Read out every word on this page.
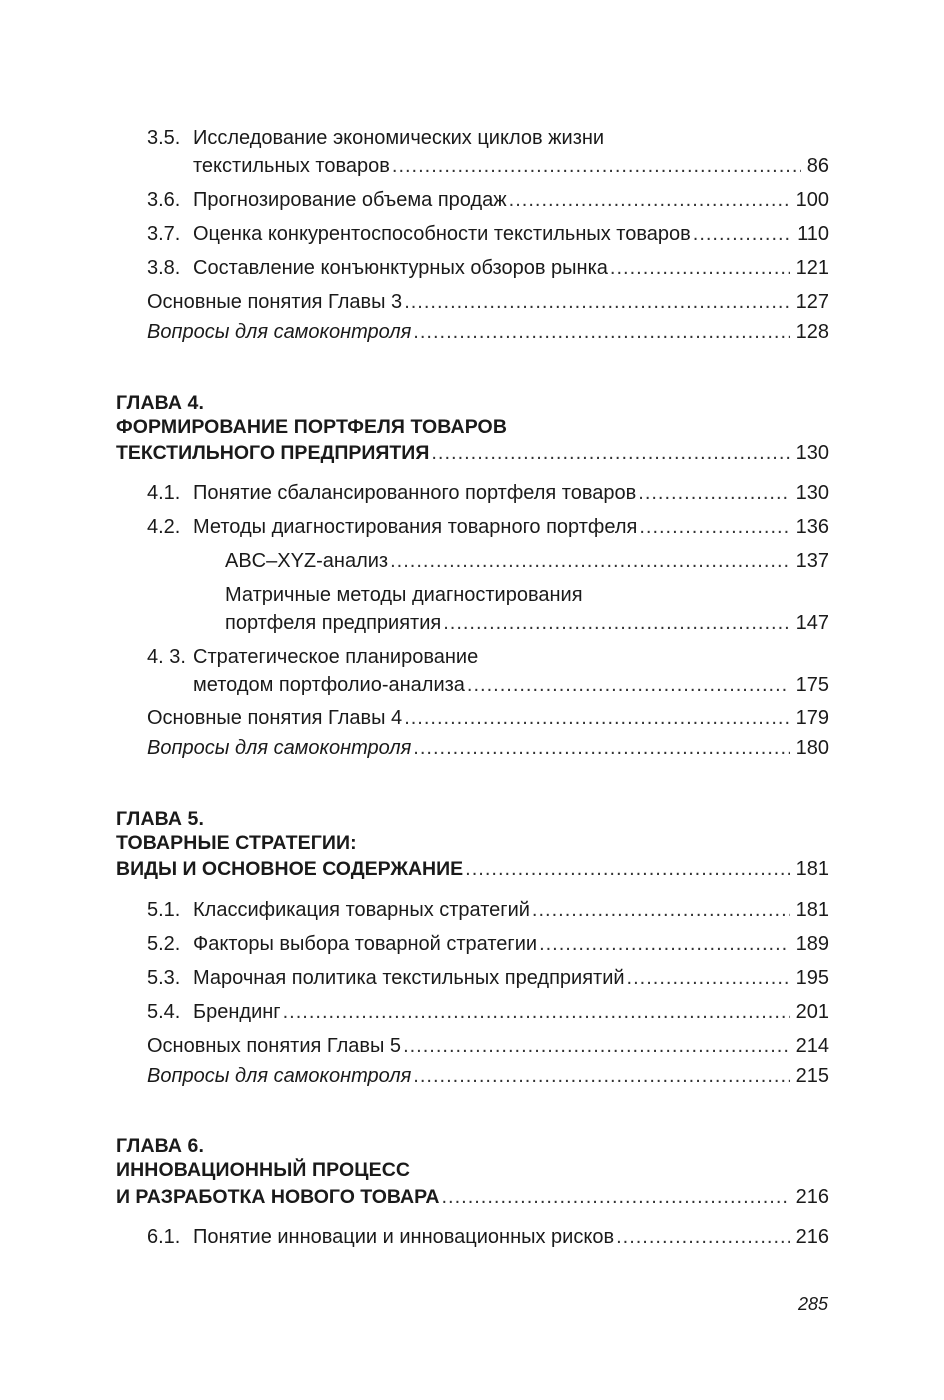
3.5. Исследование экономических циклов жизни
текстильных товаров .....	86
3.6. Прогнозирование объема продаж .....	100
3.7. Оценка конкурентоспособности текстильных товаров .....	110
3.8. Составление конъюнктурных обзоров рынка .....	121
Основные понятия Главы 3 .....	127
Вопросы для самоконтроля .....	128
ГЛАВА 4.
ФОРМИРОВАНИЕ ПОРТФЕЛЯ ТОВАРОВ
ТЕКСТИЛЬНОГО ПРЕДПРИЯТИЯ .....	130
4.1. Понятие сбалансированного портфеля товаров .....	130
4.2. Методы диагностирования товарного портфеля .....	136
ABC–XYZ-анализ .....	137
Матричные методы диагностирования
портфеля предприятия .....	147
4. 3. Стратегическое планирование
методом портфолио-анализа .....	175
Основные понятия Главы 4 .....	179
Вопросы для самоконтроля .....	180
ГЛАВА 5.
ТОВАРНЫЕ СТРАТЕГИИ:
ВИДЫ И ОСНОВНОЕ СОДЕРЖАНИЕ .....	181
5.1. Классификация товарных стратегий .....	181
5.2. Факторы выбора товарной стратегии .....	189
5.3. Марочная политика текстильных предприятий .....	195
5.4. Брендинг .....	201
Основных понятия Главы 5 .....	214
Вопросы для самоконтроля .....	215
ГЛАВА 6.
ИННОВАЦИОННЫЙ ПРОЦЕСС
И РАЗРАБОТКА НОВОГО ТОВАРА .....	216
6.1. Понятие инновации и инновационных рисков .....	216
285
